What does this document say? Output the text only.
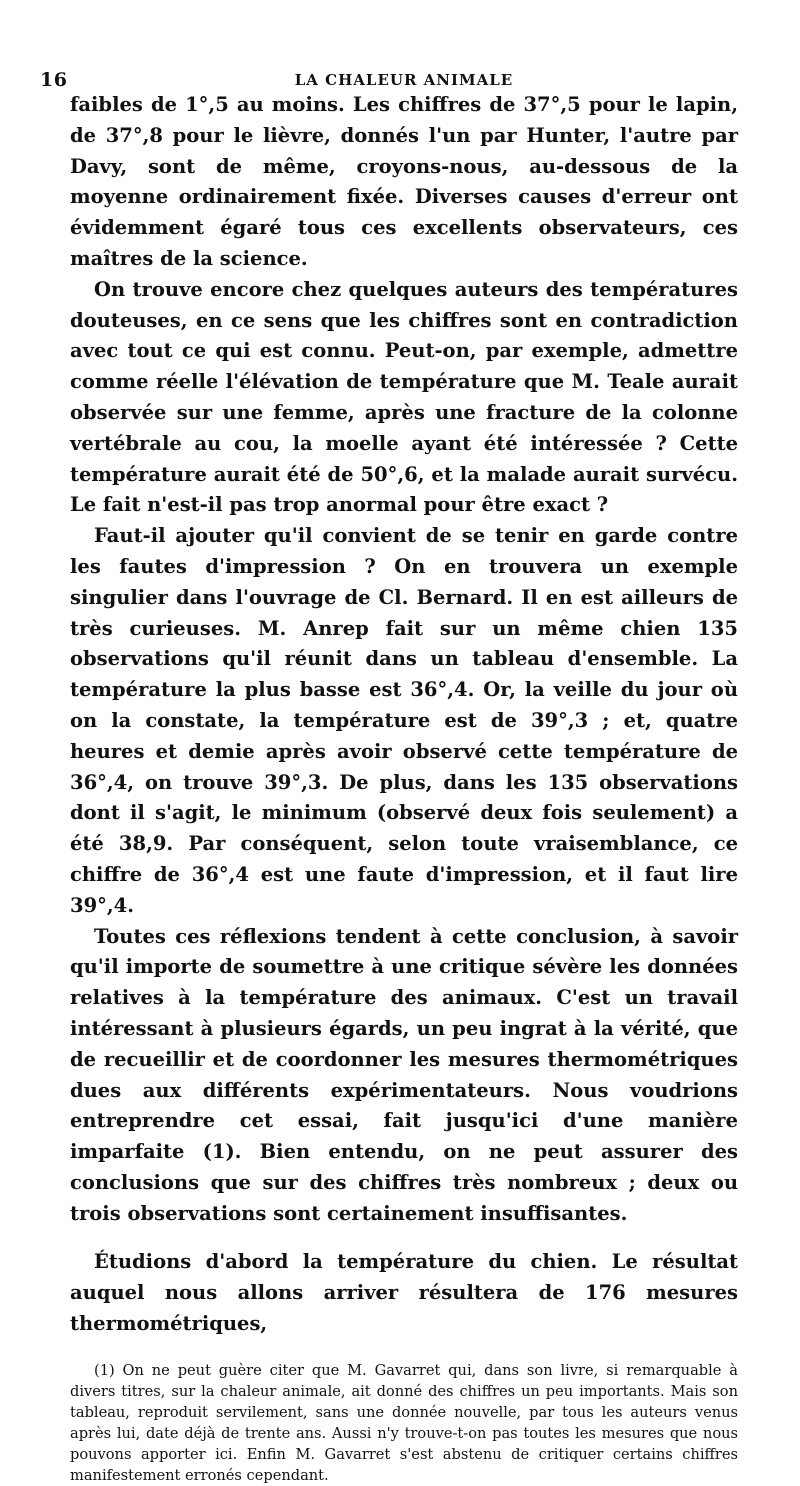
16	LA CHALEUR ANIMALE

faibles de 1°,5 au moins. Les chiffres de 37°,5 pour le lapin, de 37°,8 pour le lièvre, donnés l'un par Hunter, l'autre par Davy, sont de même, croyons-nous, au-dessous de la moyenne ordinairement fixée. Diverses causes d'erreur ont évidemment égaré tous ces excellents observateurs, ces maîtres de la science.

On trouve encore chez quelques auteurs des températures douteuses, en ce sens que les chiffres sont en contradiction avec tout ce qui est connu. Peut-on, par exemple, admettre comme réelle l'élévation de température que M. Teale aurait observée sur une femme, après une fracture de la colonne vertébrale au cou, la moelle ayant été intéressée ? Cette température aurait été de 50°,6, et la malade aurait survécu. Le fait n'est-il pas trop anormal pour être exact ?

Faut-il ajouter qu'il convient de se tenir en garde contre les fautes d'impression ? On en trouvera un exemple singulier dans l'ouvrage de Cl. Bernard. Il en est ailleurs de très curieuses. M. Anrep fait sur un même chien 135 observations qu'il réunit dans un tableau d'ensemble. La température la plus basse est 36°,4. Or, la veille du jour où on la constate, la température est de 39°,3 ; et, quatre heures et demie après avoir observé cette température de 36°,4, on trouve 39°,3. De plus, dans les 135 observations dont il s'agit, le minimum (observé deux fois seulement) a été 38,9. Par conséquent, selon toute vraisemblance, ce chiffre de 36°,4 est une faute d'impression, et il faut lire 39°,4.

Toutes ces réflexions tendent à cette conclusion, à savoir qu'il importe de soumettre à une critique sévère les données relatives à la température des animaux. C'est un travail intéressant à plusieurs égards, un peu ingrat à la vérité, que de recueillir et de coordonner les mesures thermométriques dues aux différents expérimentateurs. Nous voudrions entreprendre cet essai, fait jusqu'ici d'une manière imparfaite (1). Bien entendu, on ne peut assurer des conclusions que sur des chiffres très nombreux ; deux ou trois observations sont certainement insuffisantes.

Étudions d'abord la température du chien. Le résultat auquel nous allons arriver résultera de 176 mesures thermométriques,

(1) On ne peut guère citer que M. Gavarret qui, dans son livre, si remarquable à divers titres, sur la chaleur animale, ait donné des chiffres un peu importants. Mais son tableau, reproduit servilement, sans une donnée nouvelle, par tous les auteurs venus après lui, date déjà de trente ans. Aussi n'y trouve-t-on pas toutes les mesures que nous pouvons apporter ici. Enfin M. Gavarret s'est abstenu de critiquer certains chiffres manifestement erronés cependant.
